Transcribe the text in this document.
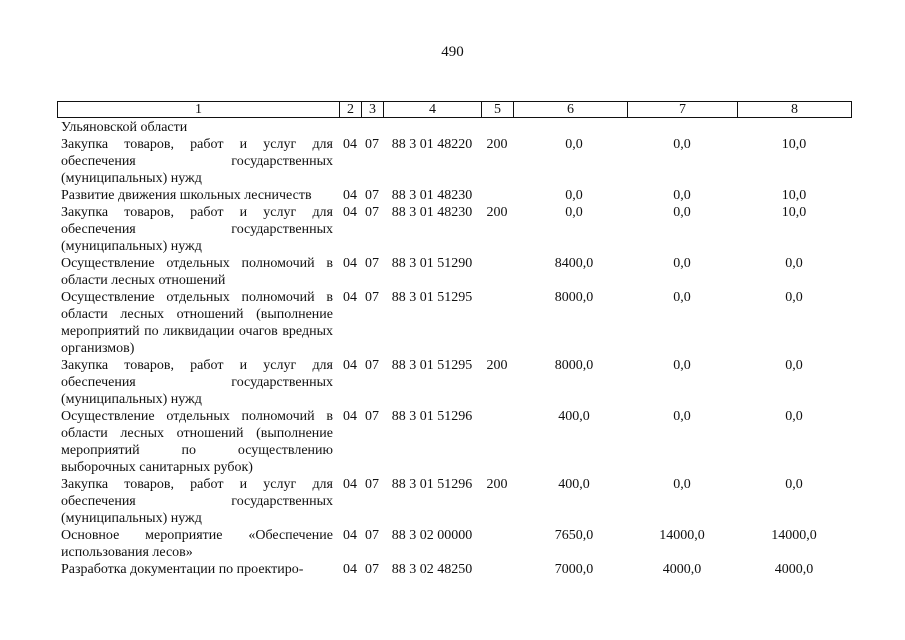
490
1	2	3	4	5	6	7	8
Ульяновской области							
Закупка товаров, работ и услуг для обеспечения государственных (муниципальных) нужд	04	07	88 3 01 48220	200	0,0	0,0	10,0
Развитие движения школьных лесничеств	04	07	88 3 01 48230		0,0	0,0	10,0
Закупка товаров, работ и услуг для обеспечения государственных (муниципальных) нужд	04	07	88 3 01 48230	200	0,0	0,0	10,0
Осуществление отдельных полномочий в области лесных отношений	04	07	88 3 01 51290		8400,0	0,0	0,0
Осуществление отдельных полномочий в области лесных отношений (выполнение мероприятий по ликвидации очагов вредных организмов)	04	07	88 3 01 51295		8000,0	0,0	0,0
Закупка товаров, работ и услуг для обеспечения государственных (муниципальных) нужд	04	07	88 3 01 51295	200	8000,0	0,0	0,0
Осуществление отдельных полномочий в области лесных отношений (выполнение мероприятий по осуществлению выборочных санитарных рубок)	04	07	88 3 01 51296		400,0	0,0	0,0
Закупка товаров, работ и услуг для обеспечения государственных (муниципальных) нужд	04	07	88 3 01 51296	200	400,0	0,0	0,0
Основное мероприятие «Обеспечение использования лесов»	04	07	88 3 02 00000		7650,0	14000,0	14000,0
Разработка документации по проектиро-	04	07	88 3 02 48250		7000,0	4000,0	4000,0
